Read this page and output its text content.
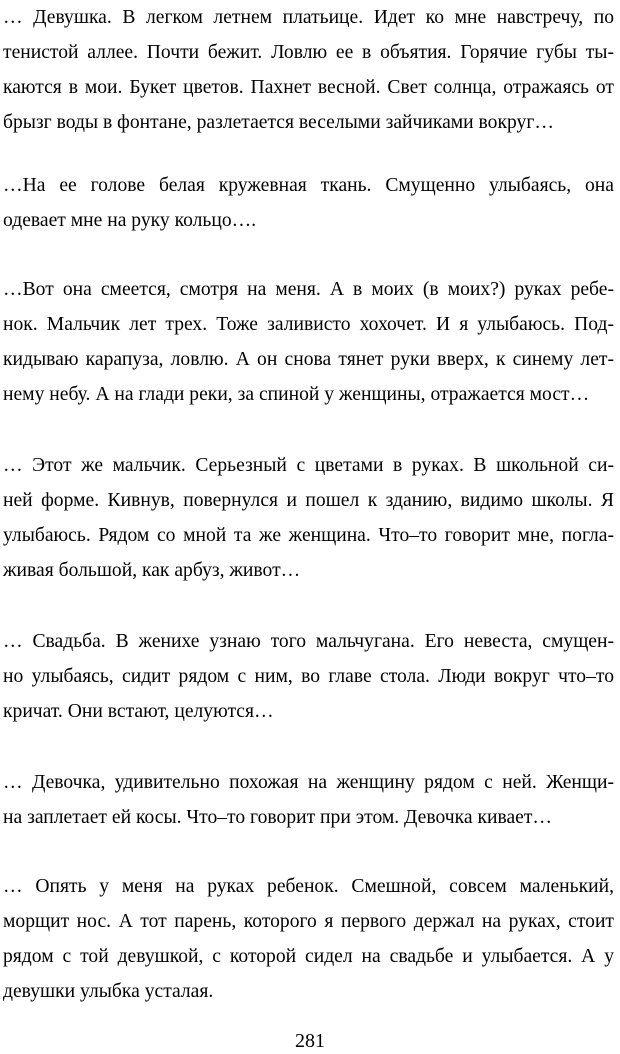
… Девушка. В легком летнем платьице. Идет ко мне навстречу, по
тенистой аллее. Почти бежит. Ловлю ее в объятия. Горячие губы ты-
каются в мои. Букет цветов. Пахнет весной. Свет солнца, отражаясь от
брызг воды в фонтане, разлетается веселыми зайчиками вокруг…
…На ее голове белая кружевная ткань. Смущенно улыбаясь, она
одевает мне на руку кольцо….
…Вот она смеется, смотря на меня. А в моих (в моих?) руках ребе-
нок. Мальчик лет трех. Тоже заливисто хохочет. И я улыбаюсь. Под-
кидываю карапуза, ловлю. А он снова тянет руки вверх, к синему лет-
нему небу. А на глади реки, за спиной у женщины, отражается мост…
… Этот же мальчик. Серьезный с цветами в руках. В школьной си-
ней форме. Кивнув, повернулся и пошел к зданию, видимо школы. Я
улыбаюсь. Рядом со мной та же женщина. Что–то говорит мне, погла-
живая большой, как арбуз, живот…
… Свадьба. В женихе узнаю того мальчугана. Его невеста, смущен-
но улыбаясь, сидит рядом с ним, во главе стола. Люди вокруг что–то
кричат. Они встают, целуются…
… Девочка, удивительно похожая на женщину рядом с ней. Женщи-
на заплетает ей косы. Что–то говорит при этом. Девочка кивает…
… Опять у меня на руках ребенок. Смешной, совсем маленький,
морщит нос. А тот парень, которого я первого держал на руках, стоит
рядом с той девушкой, с которой сидел на свадьбе и улыбается. А у
девушки улыбка усталая.
281
